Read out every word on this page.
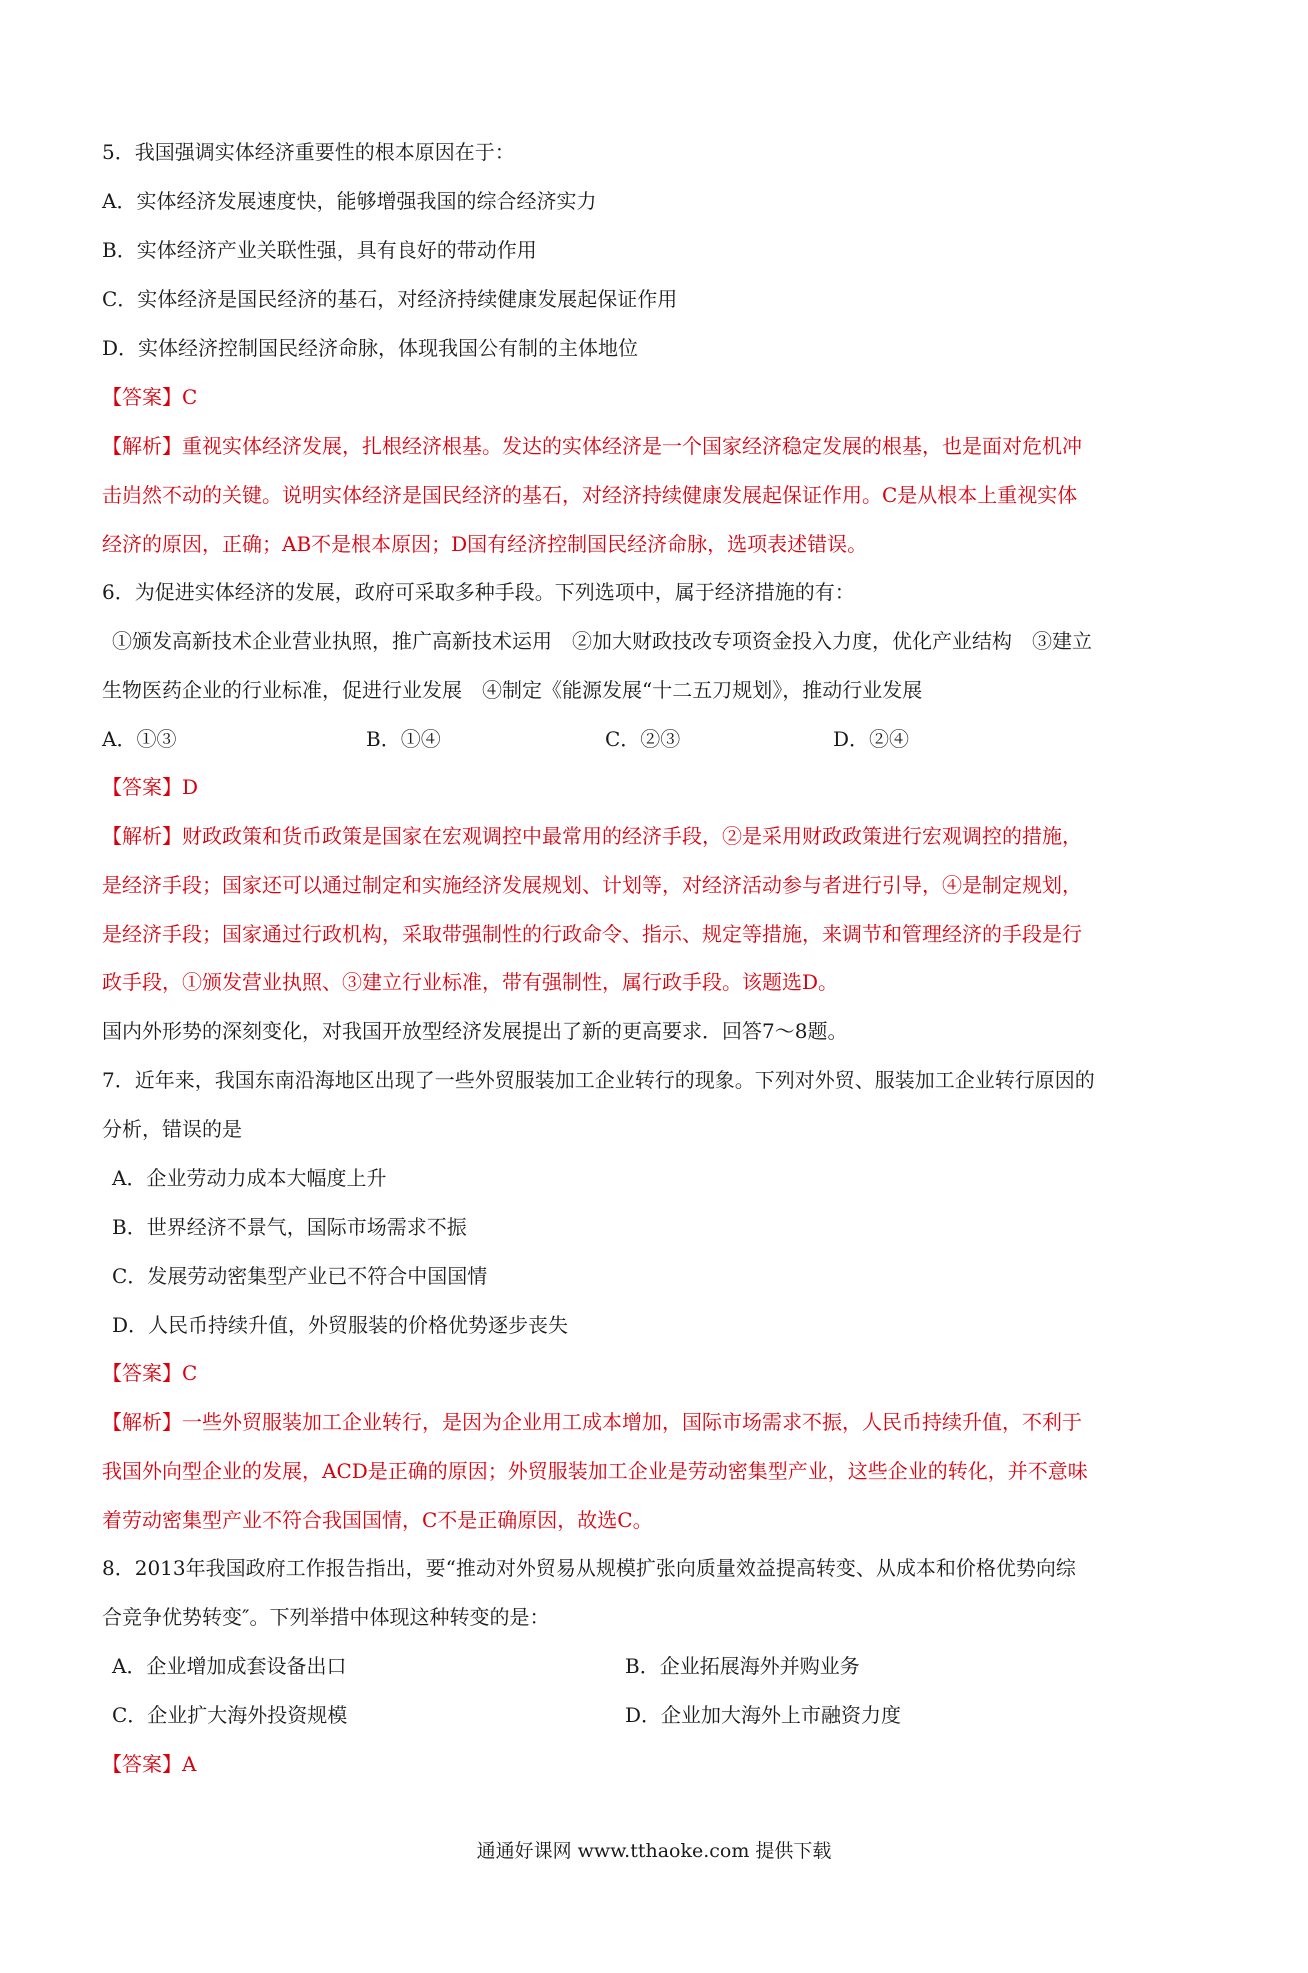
5．我国强调实体经济重要性的根本原因在于：
A．实体经济发展速度快，能够增强我国的综合经济实力
B．实体经济产业关联性强，具有良好的带动作用
C．实体经济是国民经济的基石，对经济持续健康发展起保证作用
D．实体经济控制国民经济命脉，体现我国公有制的主体地位
【答案】C
【解析】重视实体经济发展，扎根经济根基。发达的实体经济是一个国家经济稳定发展的根基，也是面对危机冲
击岿然不动的关键。说明实体经济是国民经济的基石，对经济持续健康发展起保证作用。C是从根本上重视实体
经济的原因，正确；AB不是根本原因；D国有经济控制国民经济命脉，选项表述错误。
6．为促进实体经济的发展，政府可采取多种手段。下列选项中，属于经济措施的有：
①颁发高新技术企业营业执照，推广高新技术运用　②加大财政技改专项资金投入力度，优化产业结构　③建立
生物医药企业的行业标准，促进行业发展　④制定《能源发展“十二五刀规划》，推动行业发展
A．①③	B．①④	C．②③	D．②④
【答案】D
【解析】财政政策和货币政策是国家在宏观调控中最常用的经济手段，②是采用财政政策进行宏观调控的措施，
是经济手段；国家还可以通过制定和实施经济发展规划、计划等，对经济活动参与者进行引导，④是制定规划，
是经济手段；国家通过行政机构，采取带强制性的行政命令、指示、规定等措施，来调节和管理经济的手段是行
政手段，①颁发营业执照、③建立行业标准，带有强制性，属行政手段。该题选D。
国内外形势的深刻变化，对我国开放型经济发展提出了新的更高要求．回答7～8题。
7．近年来，我国东南沿海地区出现了一些外贸服装加工企业转行的现象。下列对外贸、服装加工企业转行原因的
分析，错误的是
A．企业劳动力成本大幅度上升
B．世界经济不景气，国际市场需求不振
C．发展劳动密集型产业已不符合中国国情
D．人民币持续升值，外贸服装的价格优势逐步丧失
【答案】C
【解析】一些外贸服装加工企业转行，是因为企业用工成本增加，国际市场需求不振，人民币持续升值，不利于
我国外向型企业的发展，ACD是正确的原因；外贸服装加工企业是劳动密集型产业，这些企业的转化，并不意味
着劳动密集型产业不符合我国国情，C不是正确原因，故选C。
8．2013年我国政府工作报告指出，要“推动对外贸易从规模扩张向质量效益提高转变、从成本和价格优势向综
合竞争优势转变″。下列举措中体现这种转变的是：
A．企业增加成套设备出口	B．企业拓展海外并购业务
C．企业扩大海外投资规模	D．企业加大海外上市融资力度
【答案】A
通通好课网 www.tthaoke.com 提供下载
